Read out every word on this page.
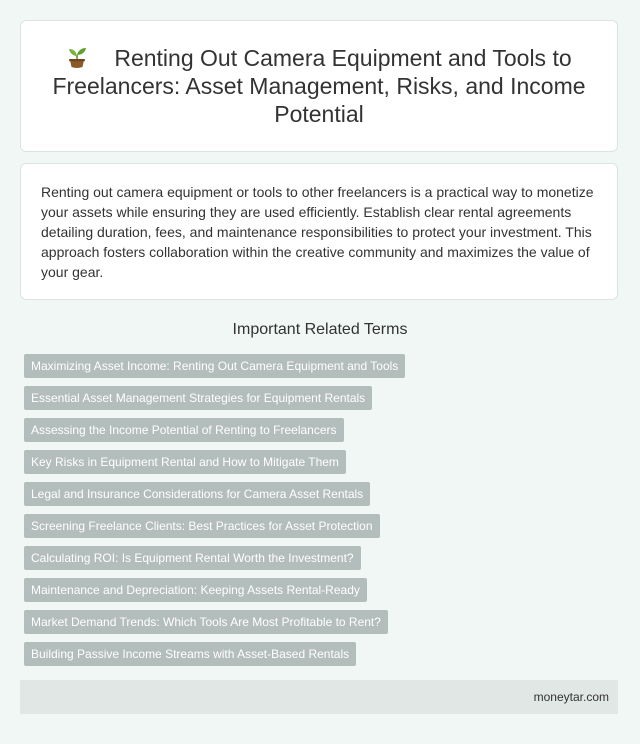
Renting Out Camera Equipment and Tools to Freelancers: Asset Management, Risks, and Income Potential

Renting out camera equipment or tools to other freelancers is a practical way to monetize your assets while ensuring they are used efficiently. Establish clear rental agreements detailing duration, fees, and maintenance responsibilities to protect your investment. This approach fosters collaboration within the creative community and maximizes the value of your gear.

Important Related Terms
Maximizing Asset Income: Renting Out Camera Equipment and Tools
Essential Asset Management Strategies for Equipment Rentals
Assessing the Income Potential of Renting to Freelancers
Key Risks in Equipment Rental and How to Mitigate Them
Legal and Insurance Considerations for Camera Asset Rentals
Screening Freelance Clients: Best Practices for Asset Protection
Calculating ROI: Is Equipment Rental Worth the Investment?
Maintenance and Depreciation: Keeping Assets Rental-Ready
Market Demand Trends: Which Tools Are Most Profitable to Rent?
Building Passive Income Streams with Asset-Based Rentals
moneytar.com
